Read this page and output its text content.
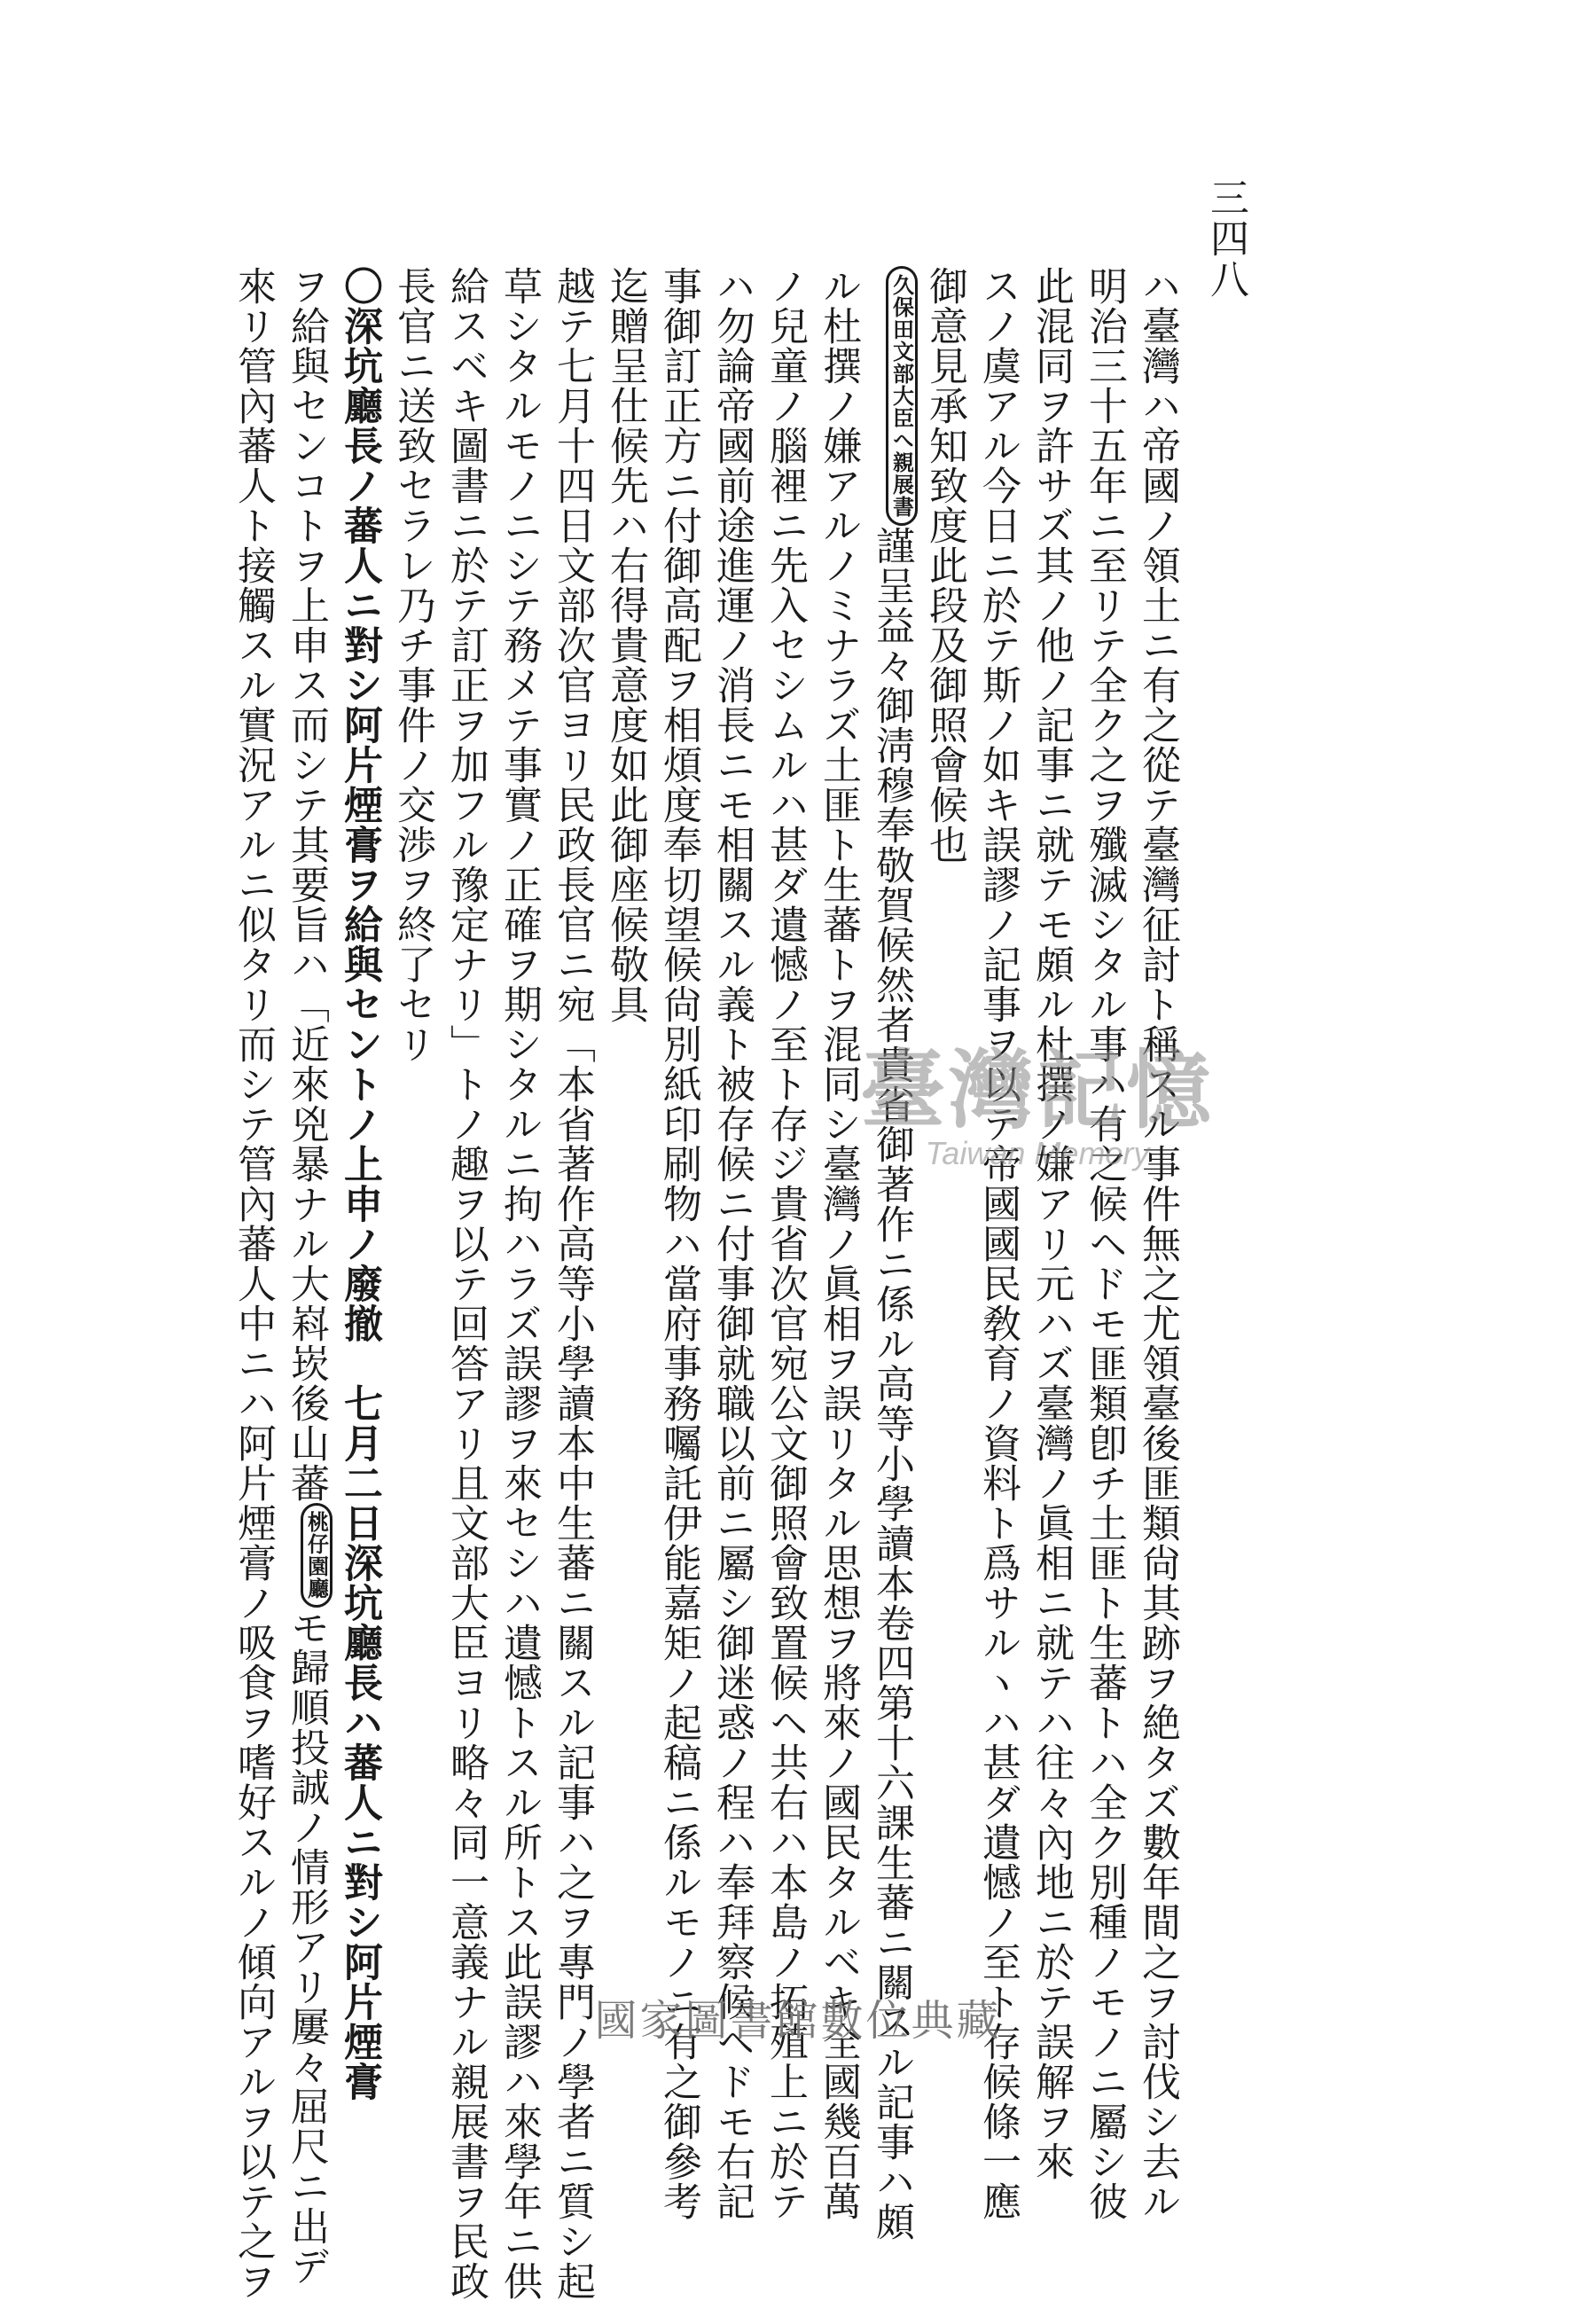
三四八
ハ臺灣ハ帝國ノ領土ニ有之從テ臺灣征討ト稱スル事件無之尤領臺後匪類尙其跡ヲ絶タズ數年間之ヲ討伐シ去ル
明治三十五年ニ至リテ全ク之ヲ殲滅シタル事ハ有之候ヘドモ匪類卽チ土匪ト生蕃トハ全ク別種ノモノニ屬シ彼
此混同ヲ許サズ其ノ他ノ記事ニ就テモ頗ル杜撰ノ嫌アリ元ハズ臺灣ノ眞相ニ就テハ往々內地ニ於テ誤解ヲ來
スノ虞アル今日ニ於テ斯ノ如キ誤謬ノ記事ヲ以テ帝國國民敎育ノ資料ト爲サルヽハ甚ダ遺憾ノ至ト存候條一應
御意見承知致度此段及御照會候也
久保田文部大臣へ親展書謹呈益々御淸穆奉敬賀候然者貴省御著作ニ係ル高等小學讀本卷四第十六課生蕃ニ關スル記事ハ頗
ル杜撰ノ嫌アルノミナラズ土匪ト生蕃トヲ混同シ臺灣ノ眞相ヲ誤リタル思想ヲ將來ノ國民タルベキ全國幾百萬
ノ兒童ノ腦裡ニ先入セシムルハ甚ダ遺憾ノ至ト存ジ貴省次官宛公文御照會致置候ヘ共右ハ本島ノ拓殖上ニ於テ
ハ勿論帝國前途進運ノ消長ニモ相關スル義ト被存候ニ付事御就職以前ニ屬シ御迷惑ノ程ハ奉拜察候ヘドモ右記
事御訂正方ニ付御高配ヲ相煩度奉切望候尙別紙印刷物ハ當府事務囑託伊能嘉矩ノ起稿ニ係ルモノニ有之御參考
迄贈呈仕候先ハ右得貴意度如此御座候敬具
越テ七月十四日文部次官ヨリ民政長官ニ宛「本省著作高等小學讀本中生蕃ニ關スル記事ハ之ヲ專門ノ學者ニ質シ起
草シタルモノニシテ務メテ事實ノ正確ヲ期シタルニ拘ハラズ誤謬ヲ來セシハ遺憾トスル所トス此誤謬ハ來學年ニ供
給スベキ圖書ニ於テ訂正ヲ加フル豫定ナリ」トノ趣ヲ以テ回答アリ且文部大臣ヨリ略々同一意義ナル親展書ヲ民政
長官ニ送致セラレ乃チ事件ノ交渉ヲ終了セリ
〇深坑廳長ノ蕃人ニ對シ阿片煙膏ヲ給與セントノ上申ノ廢撤　七月二日深坑廳長ハ蕃人ニ對シ阿片煙膏
ヲ給與センコトヲ上申ス而シテ其要旨ハ「近來兇暴ナル大嵙崁後山蕃桃仔園廳モ歸順投誠ノ情形アリ屢々屈尺ニ出デ
來リ管內蕃人ト接觸スル實況アルニ似タリ而シテ管內蕃人中ニハ阿片煙膏ノ吸食ヲ嗜好スルノ傾向アルヲ以テ之ヲ	臺灣記憶
Taiwan Memory
國家圖書館數位典藏
